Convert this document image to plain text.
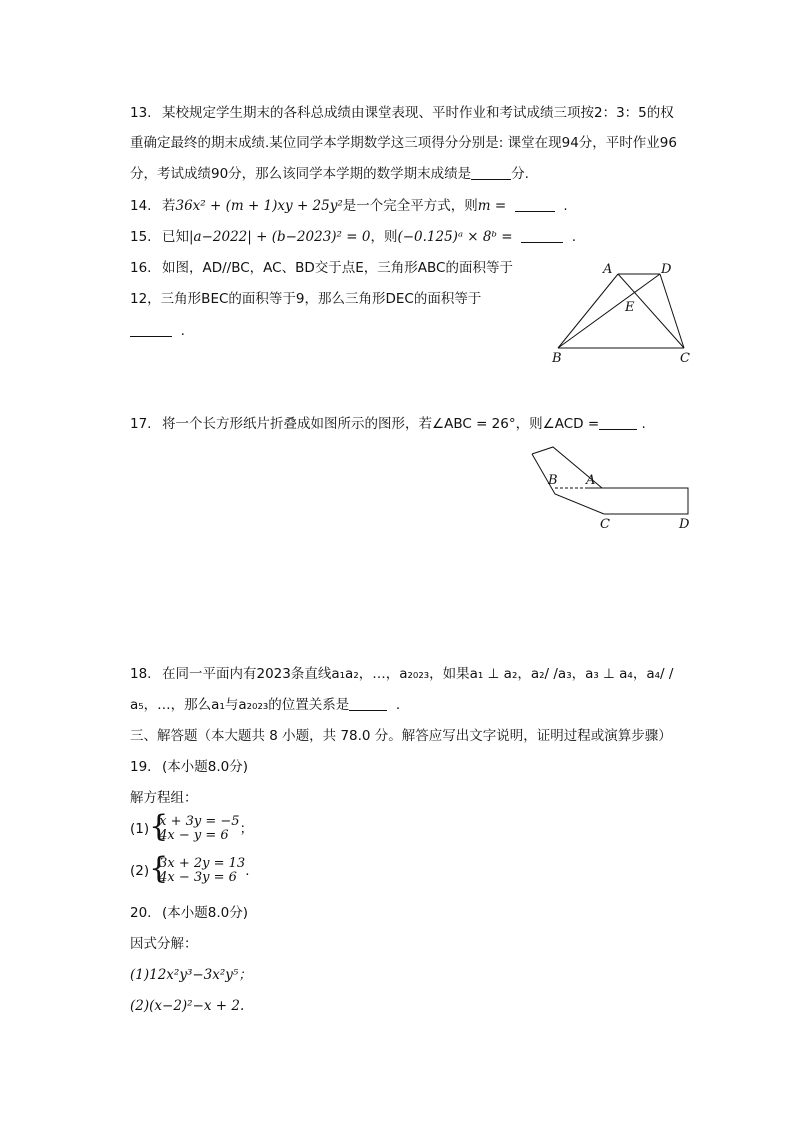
13. 某校规定学生期末的各科总成绩由课堂表现、平时作业和考试成绩三项按2：3：5的权
重确定最终的期末成绩.某位同学本学期数学这三项得分分别是: 课堂在现94分，平时作业96
分，考试成绩90分，那么该同学本学期的数学期末成绩是	分.
14. 若36x² + (m + 1)xy + 25y²是一个完全平方式，则m =	.
15. 已知|a−2022| + (b−2023)² = 0，则(−0.125)ᵃ × 8ᵇ =	.
16. 如图，AD//BC，AC、BD交于点E，三角形ABC的面积等于
12，三角形BEC的面积等于9，那么三角形DEC的面积等于
.
A	D
E
B	C
17. 将一个长方形纸片折叠成如图所示的图形，若∠ABC = 26°，则∠ACD =	.
B A
C	D
18. 在同一平面内有2023条直线a₁a₂，…，a₂₀₂₃，如果a₁ ⊥ a₂，a₂/ /a₃，a₃ ⊥ a₄，a₄/ /
a₅，…，那么a₁与a₂₀₂₃的位置关系是	.
三、解答题（本大题共 8 小题，共 78.0 分。解答应写出文字说明，证明过程或演算步骤）
19. (本小题8.0分)
解方程组：
(1) {
x + 3y = −5
4x − y = 6 ；
(2) {
3x + 2y = 13
4x − 3y = 6 .
20. (本小题8.0分)
因式分解：
(1)12x²y³−3x²y⁵；
(2)(x−2)²−x + 2.
